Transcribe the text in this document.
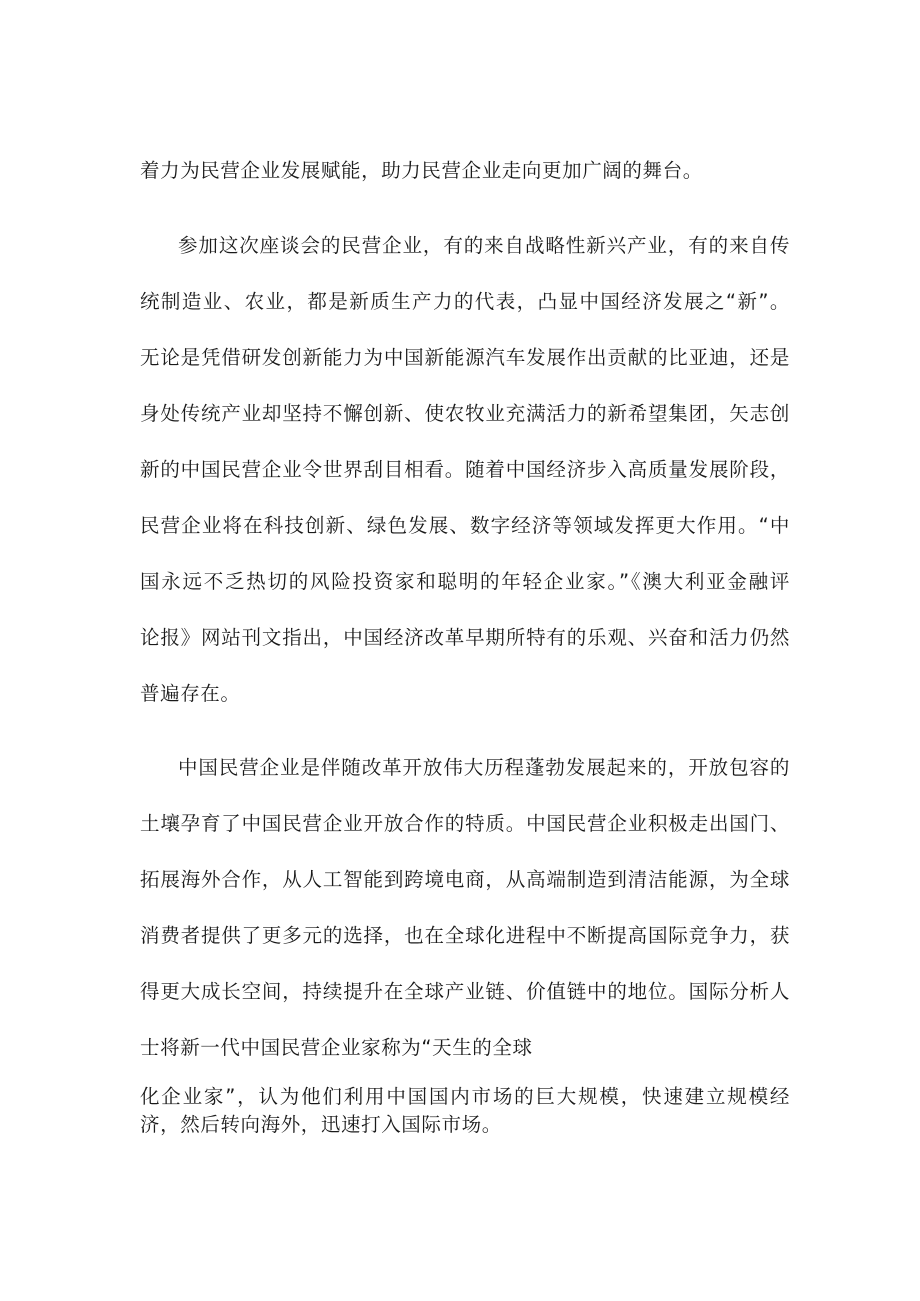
着力为民营企业发展赋能，助力民营企业走向更加广阔的舞台。
参加这次座谈会的民营企业，有的来自战略性新兴产业，有的来自传
统制造业、农业，都是新质生产力的代表，凸显中国经济发展之“新”。
无论是凭借研发创新能力为中国新能源汽车发展作出贡献的比亚迪，还是
身处传统产业却坚持不懈创新、使农牧业充满活力的新希望集团，矢志创
新的中国民营企业令世界刮目相看。随着中国经济步入高质量发展阶段，
民营企业将在科技创新、绿色发展、数字经济等领域发挥更大作用。“中
国永远不乏热切的风险投资家和聪明的年轻企业家。”《澳大利亚金融评
论报》网站刊文指出，中国经济改革早期所特有的乐观、兴奋和活力仍然
普遍存在。
中国民营企业是伴随改革开放伟大历程蓬勃发展起来的，开放包容的
土壤孕育了中国民营企业开放合作的特质。中国民营企业积极走出国门、
拓展海外合作，从人工智能到跨境电商，从高端制造到清洁能源，为全球
消费者提供了更多元的选择，也在全球化进程中不断提高国际竞争力，获
得更大成长空间，持续提升在全球产业链、价值链中的地位。国际分析人
士将新一代中国民营企业家称为“天生的全球
化企业家”，认为他们利用中国国内市场的巨大规模，快速建立规模经
济，然后转向海外，迅速打入国际市场。
